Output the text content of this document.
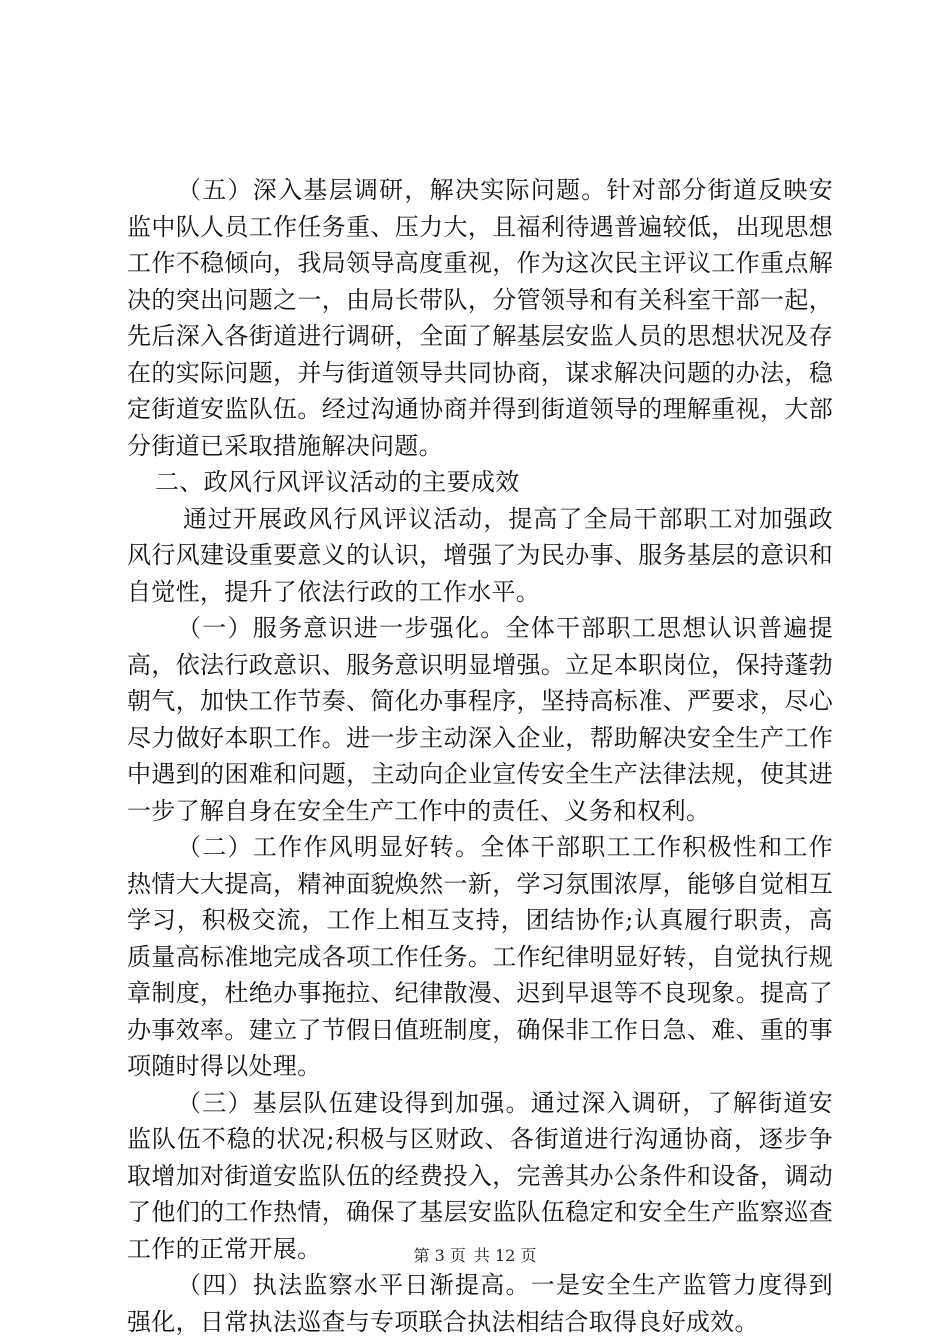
（五）深入基层调研，解决实际问题。针对部分街道反映安监中队人员工作任务重、压力大，且福利待遇普遍较低，出现思想工作不稳倾向，我局领导高度重视，作为这次民主评议工作重点解决的突出问题之一，由局长带队，分管领导和有关科室干部一起，先后深入各街道进行调研，全面了解基层安监人员的思想状况及存在的实际问题，并与街道领导共同协商，谋求解决问题的办法，稳定街道安监队伍。经过沟通协商并得到街道领导的理解重视，大部分街道已采取措施解决问题。

二、政风行风评议活动的主要成效

通过开展政风行风评议活动，提高了全局干部职工对加强政风行风建设重要意义的认识，增强了为民办事、服务基层的意识和自觉性，提升了依法行政的工作水平。

（一）服务意识进一步强化。全体干部职工思想认识普遍提高，依法行政意识、服务意识明显增强。立足本职岗位，保持蓬勃朝气，加快工作节奏、简化办事程序，坚持高标准、严要求，尽心尽力做好本职工作。进一步主动深入企业，帮助解决安全生产工作中遇到的困难和问题，主动向企业宣传安全生产法律法规，使其进一步了解自身在安全生产工作中的责任、义务和权利。

（二）工作作风明显好转。全体干部职工工作积极性和工作热情大大提高，精神面貌焕然一新，学习氛围浓厚，能够自觉相互学习，积极交流，工作上相互支持，团结协作;认真履行职责，高质量高标准地完成各项工作任务。工作纪律明显好转，自觉执行规章制度，杜绝办事拖拉、纪律散漫、迟到早退等不良现象。提高了办事效率。建立了节假日值班制度，确保非工作日急、难、重的事项随时得以处理。

（三）基层队伍建设得到加强。通过深入调研，了解街道安监队伍不稳的状况;积极与区财政、各街道进行沟通协商，逐步争取增加对街道安监队伍的经费投入，完善其办公条件和设备，调动了他们的工作热情，确保了基层安监队伍稳定和安全生产监察巡查工作的正常开展。

（四）执法监察水平日渐提高。一是安全生产监管力度得到强化，日常执法巡查与专项联合执法相结合取得良好成效。

第 3 页 共 12 页
